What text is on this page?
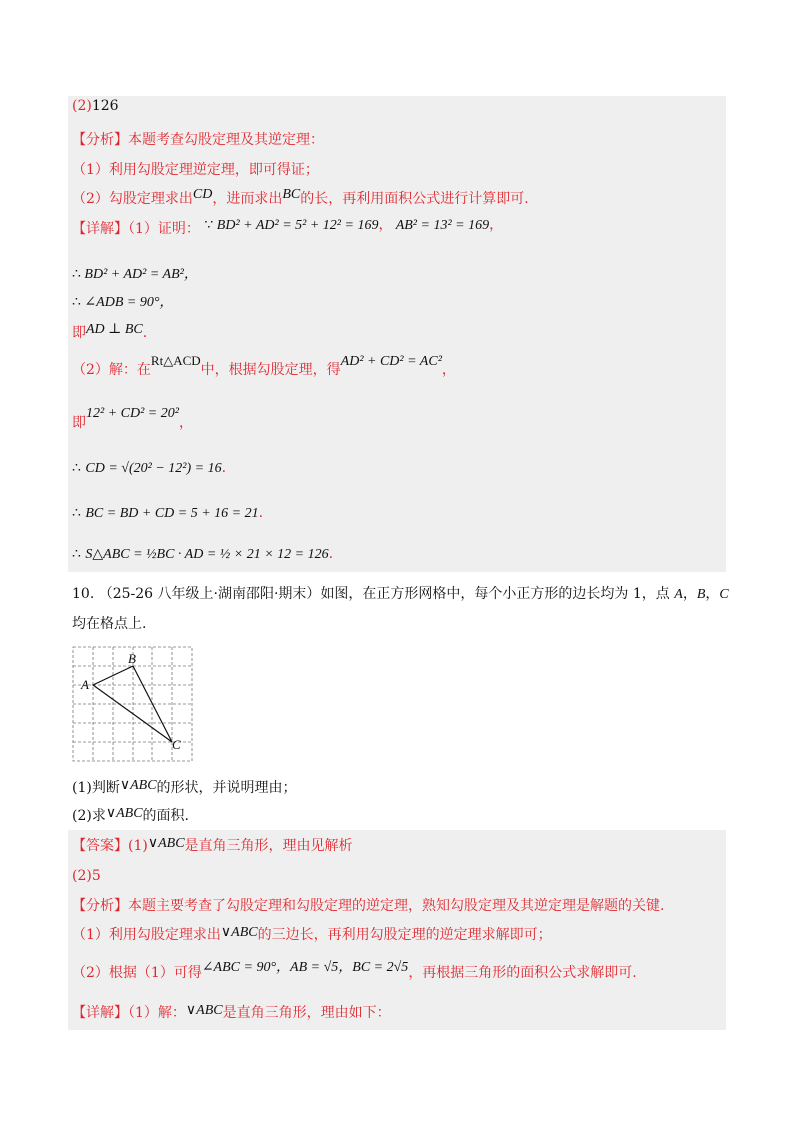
(2)126
【分析】本题考查勾股定理及其逆定理：
（1）利用勾股定理逆定理，即可得证；
（2）勾股定理求出CD，进而求出BC的长，再利用面积公式进行计算即可.
【详解】（1）证明： ∵ BD² + AD² = 5² + 12² = 169， AB² = 13² = 169，
∴ BD² + AD² = AB²，
∴ ∠ADB = 90°，
即AD ⊥ BC.
（2）解：在Rt△ACD中，根据勾股定理，得AD² + CD² = AC²，
即12² + CD² = 20²，
∴ CD = √(20² − 12²) = 16.
∴ BC = BD + CD = 5 + 16 = 21.
∴ S△ABC = ½BC · AD = ½ × 21 × 12 = 126.
10. （25-26 八年级上·湖南邵阳·期末）如图，在正方形网格中，每个小正方形的边长均为 1，点 A，B，C
均在格点上.
A
B
C
(1)判断∨ABC的形状，并说明理由；
(2)求∨ABC的面积.
【答案】(1)∨ABC是直角三角形，理由见解析
(2)5
【分析】本题主要考查了勾股定理和勾股定理的逆定理，熟知勾股定理及其逆定理是解题的关键.
（1）利用勾股定理求出∨ABC的三边长，再利用勾股定理的逆定理求解即可；
（2）根据（1）可得∠ABC = 90°，AB = √5，BC = 2√5，再根据三角形的面积公式求解即可.
【详解】（1）解：∨ABC是直角三角形，理由如下：
